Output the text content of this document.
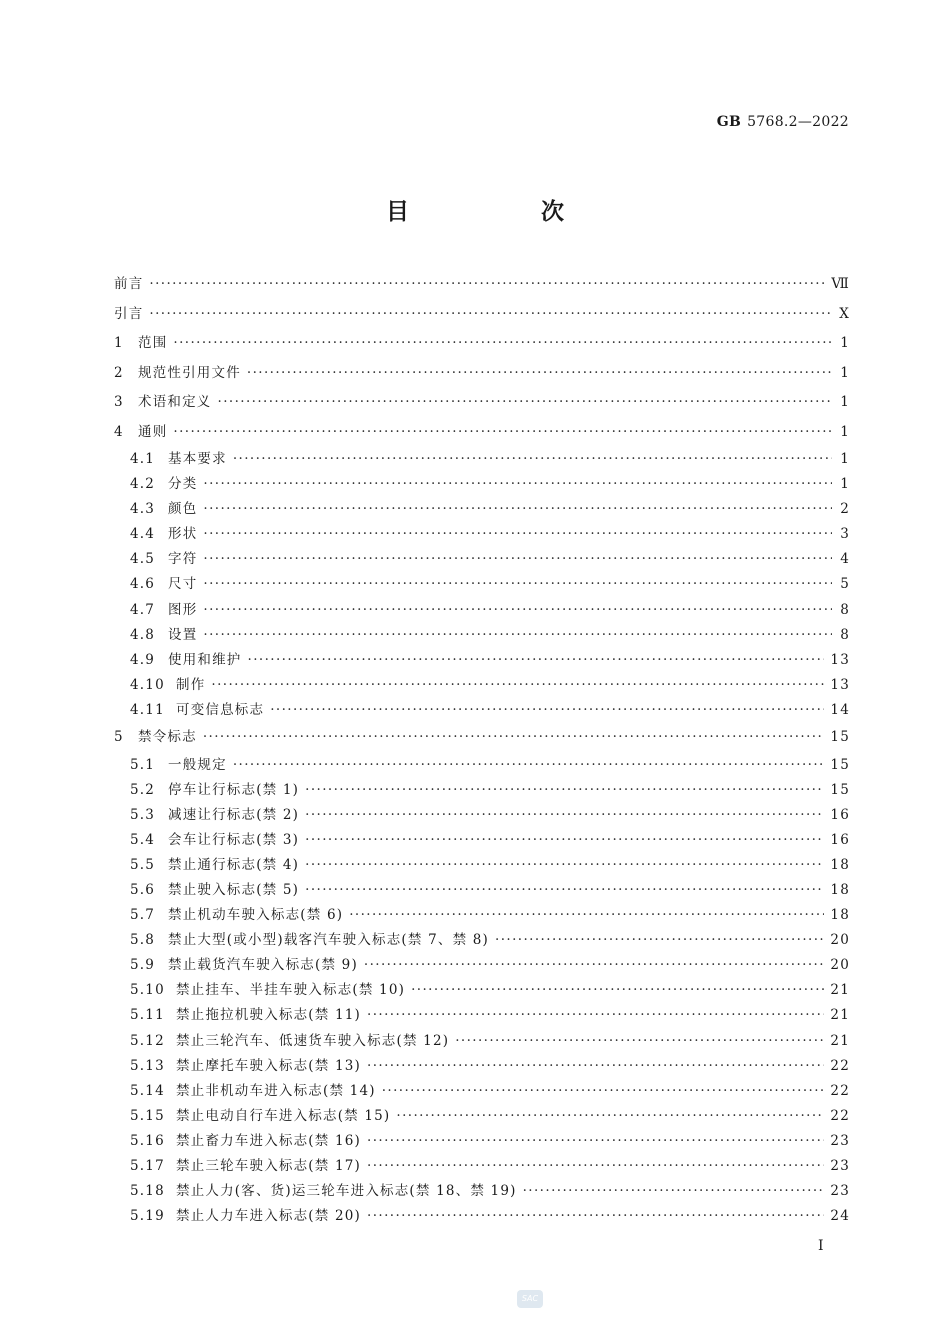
GB 5768.2—2022
目 次
前言 ·····	Ⅶ
引言 ·····	Ⅹ
1	范围 ·····	1
2	规范性引用文件 ·····	1
3	术语和定义 ·····	1
4	通则 ·····	1
4.1 基本要求 ·····	1
4.2 分类 ·····	1
4.3 颜色 ·····	2
4.4 形状 ·····	3
4.5 字符 ·····	4
4.6 尺寸 ·····	5
4.7 图形 ·····	8
4.8 设置 ·····	8
4.9 使用和维护 ·····	13
4.10 制作 ·····	13
4.11 可变信息标志 ·····	14
5	禁令标志 ·····	15
5.1 一般规定 ·····	15
5.2 停车让行标志(禁 1) ·····	15
5.3 减速让行标志(禁 2) ·····	16
5.4 会车让行标志(禁 3) ·····	16
5.5 禁止通行标志(禁 4) ·····	18
5.6 禁止驶入标志(禁 5) ·····	18
5.7 禁止机动车驶入标志(禁 6) ·····	18
5.8 禁止大型(或小型)载客汽车驶入标志(禁 7、禁 8) ·····	20
5.9 禁止载货汽车驶入标志(禁 9) ·····	20
5.10 禁止挂车、半挂车驶入标志(禁 10) ·····	21
5.11 禁止拖拉机驶入标志(禁 11) ·····	21
5.12 禁止三轮汽车、低速货车驶入标志(禁 12) ·····	21
5.13 禁止摩托车驶入标志(禁 13) ·····	22
5.14 禁止非机动车进入标志(禁 14) ·····	22
5.15 禁止电动自行车进入标志(禁 15) ·····	22
5.16 禁止畜力车进入标志(禁 16) ·····	23
5.17 禁止三轮车驶入标志(禁 17) ·····	23
5.18 禁止人力(客、货)运三轮车进入标志(禁 18、禁 19) ·····	23
5.19 禁止人力车进入标志(禁 20) ·····	24
Ⅰ
SAC
